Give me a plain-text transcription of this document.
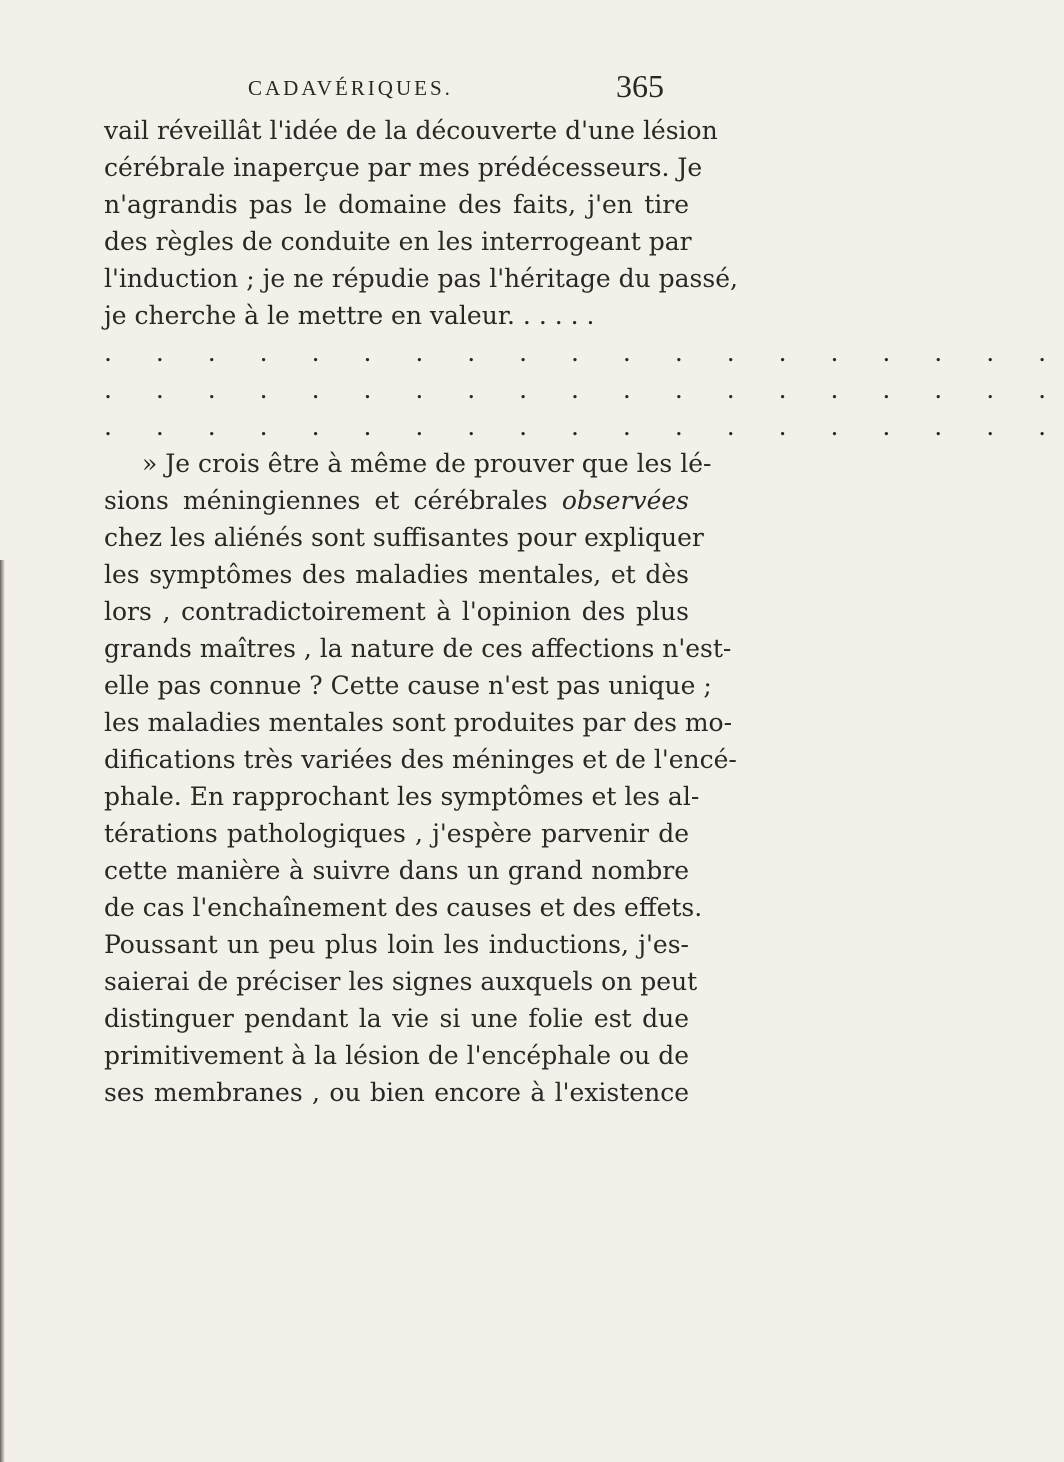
CADAVÉRIQUES.	365
vail réveillât l'idée de la découverte d'une lésion
cérébrale inaperçue par mes prédécesseurs. Je
n'agrandis pas le domaine des faits, j'en tire
des règles de conduite en les interrogeant par
l'induction ; je ne répudie pas l'héritage du passé,
je cherche à le mettre en valeur. . . . . .
. . . . . . . . . . . . . . . . . . .
. . . . . . . . . . . . . . . . . . .
. . . . . . . . . . . . . . . . . . .
» Je crois être à même de prouver que les lé-
sions méningiennes et cérébrales observées
chez les aliénés sont suffisantes pour expliquer
les symptômes des maladies mentales, et dès
lors , contradictoirement à l'opinion des plus
grands maîtres , la nature de ces affections n'est-
elle pas connue ? Cette cause n'est pas unique ;
les maladies mentales sont produites par des mo-
difications très variées des méninges et de l'encé-
phale. En rapprochant les symptômes et les al-
térations pathologiques , j'espère parvenir de
cette manière à suivre dans un grand nombre
de cas l'enchaînement des causes et des effets.
Poussant un peu plus loin les inductions, j'es-
saierai de préciser les signes auxquels on peut
distinguer pendant la vie si une folie est due
primitivement à la lésion de l'encéphale ou de
ses membranes , ou bien encore à l'existence
